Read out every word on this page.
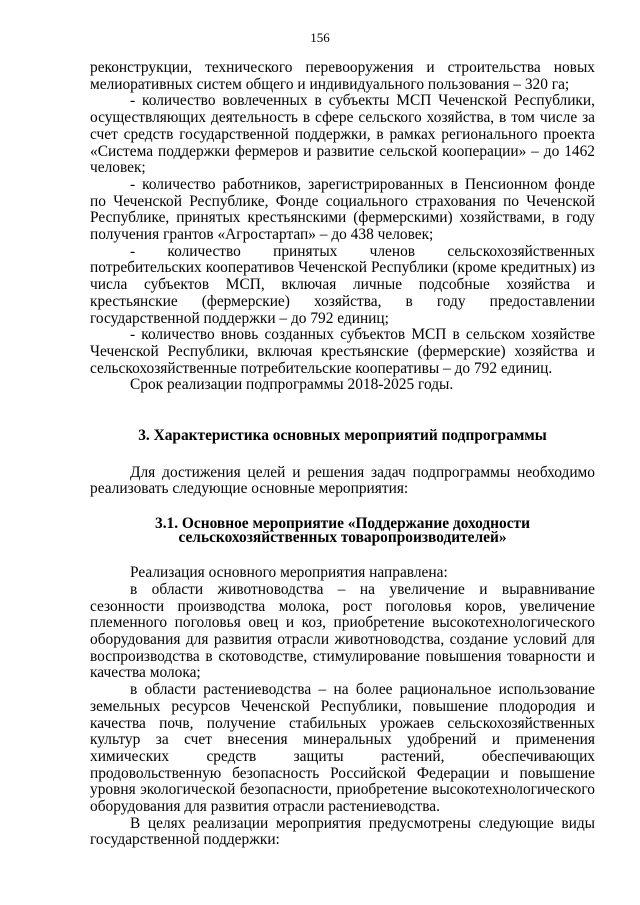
156

реконструкции, технического перевооружения и строительства новых мелиоративных систем общего и индивидуального пользования – 320 га;

- количество вовлеченных в субъекты МСП Чеченской Республики, осуществляющих деятельность в сфере сельского хозяйства, в том числе за счет средств государственной поддержки, в рамках регионального проекта «Система поддержки фермеров и развитие сельской кооперации» – до 1462 человек;

- количество работников, зарегистрированных в Пенсионном фонде по Чеченской Республике, Фонде социального страхования по Чеченской Республике, принятых крестьянскими (фермерскими) хозяйствами, в году получения грантов «Агростартап» – до 438 человек;

- количество принятых членов сельскохозяйственных потребительских кооперативов Чеченской Республики (кроме кредитных) из числа субъектов МСП, включая личные подсобные хозяйства и крестьянские (фермерские) хозяйства, в году предоставлении государственной поддержки – до 792 единиц;

- количество вновь созданных субъектов МСП в сельском хозяйстве Чеченской Республики, включая крестьянские (фермерские) хозяйства и сельскохозяйственные потребительские кооперативы – до 792 единиц.

Срок реализации подпрограммы 2018-2025 годы.

3. Характеристика основных мероприятий подпрограммы

Для достижения целей и решения задач подпрограммы необходимо реализовать следующие основные мероприятия:

3.1. Основное мероприятие «Поддержание доходности сельскохозяйственных товаропроизводителей»

Реализация основного мероприятия направлена:

в области животноводства – на увеличение и выравнивание сезонности производства молока, рост поголовья коров, увеличение племенного поголовья овец и коз, приобретение высокотехнологического оборудования для развития отрасли животноводства, создание условий для воспроизводства в скотоводстве, стимулирование повышения товарности и качества молока;

в области растениеводства – на более рациональное использование земельных ресурсов Чеченской Республики, повышение плодородия и качества почв, получение стабильных урожаев сельскохозяйственных культур за счет внесения минеральных удобрений и применения химических средств защиты растений, обеспечивающих продовольственную безопасность Российской Федерации и повышение уровня экологической безопасности, приобретение высокотехнологического оборудования для развития отрасли растениеводства.

В целях реализации мероприятия предусмотрены следующие виды государственной поддержки:
